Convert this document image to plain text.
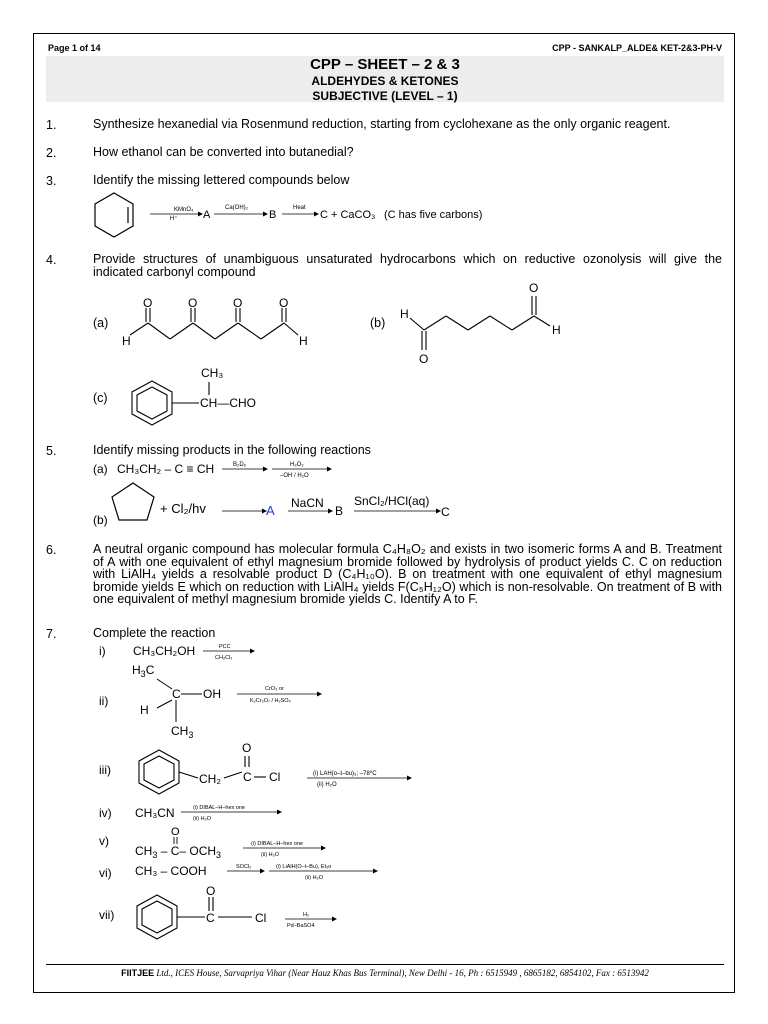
Page 1 of 14	CPP - SANKALP_ALDE& KET-2&3-PH-V
CPP – SHEET – 2 & 3
ALDEHYDES & KETONES
SUBJECTIVE (LEVEL – 1)
1.	Synthesize hexanedial via Rosenmund reduction, starting from cyclohexane as the only organic reagent.
2.	How ethanol can be converted into butanedial?
3.	Identify the missing lettered compounds below
KMnO₄
H⁺ A
Ca(OH)₂
B
Heat
C + CaCO₃ (C has five carbons)
4.	Provide structures of unambiguous unsaturated hydrocarbons which on reductive ozonolysis will give the indicated carbonyl compound
(a)
O	O	O	O
H	H
(b)
H
O
O
H
(c)
CH₃
CH—CHO
5.	Identify missing products in the following reactions
(a) CH₃CH₂ – C ≡ CH	B₂D₆	H₂O₂
–OH / H₂O
(b)
+ Cl₂/hv	A NaCN
B
SnCl₂/HCl(aq)
C
6.	A neutral organic compound has molecular formula C₄H₈O₂ and exists in two isomeric forms A and B. Treatment of A with one equivalent of ethyl magnesium bromide followed by hydrolysis of product yields C. C on reduction with LiAlH₄ yields a resolvable product D (C₄H₁₀O). B on treatment with one equivalent of ethyl magnesium bromide yields E which on reduction with LiAlH₄ yields F(C₅H₁₂O) which is non-resolvable. On treatment of B with one equivalent of methyl magnesium bromide yields C. Identify A to F.
7.	Complete the reaction
i) CH₃CH₂OH	PCC
CH₂Cl₂
ii)
$H_3C$
C OH
H
$CH_3$
CrO₃ or
K₂Cr₂O₇ / H₂SO₄
iii)
CH₂
O
C Cl	(i) LAH(o–t–bu)₃; –78⁰C
(ii) H₂O
iv) CH₃CN	(i) DIBAL–H–hex one
(ii) H₂O
v)
O
$CH_3 - C-$ $OCH_3$
(i) DIBAL–H–hex one
(ii) H₂O
vi) CH₃ – COOH	SOCl₂	(i) LiAlH(O–t–Bu), Et₂o
(ii) H₂O
vii)
O
C	Cl	H₂
Pd–BaSO4
FIITJEE Ltd., ICES House, Sarvapriya Vihar (Near Hauz Khas Bus Terminal), New Delhi - 16, Ph : 6515949 , 6865182, 6854102, Fax : 6513942
